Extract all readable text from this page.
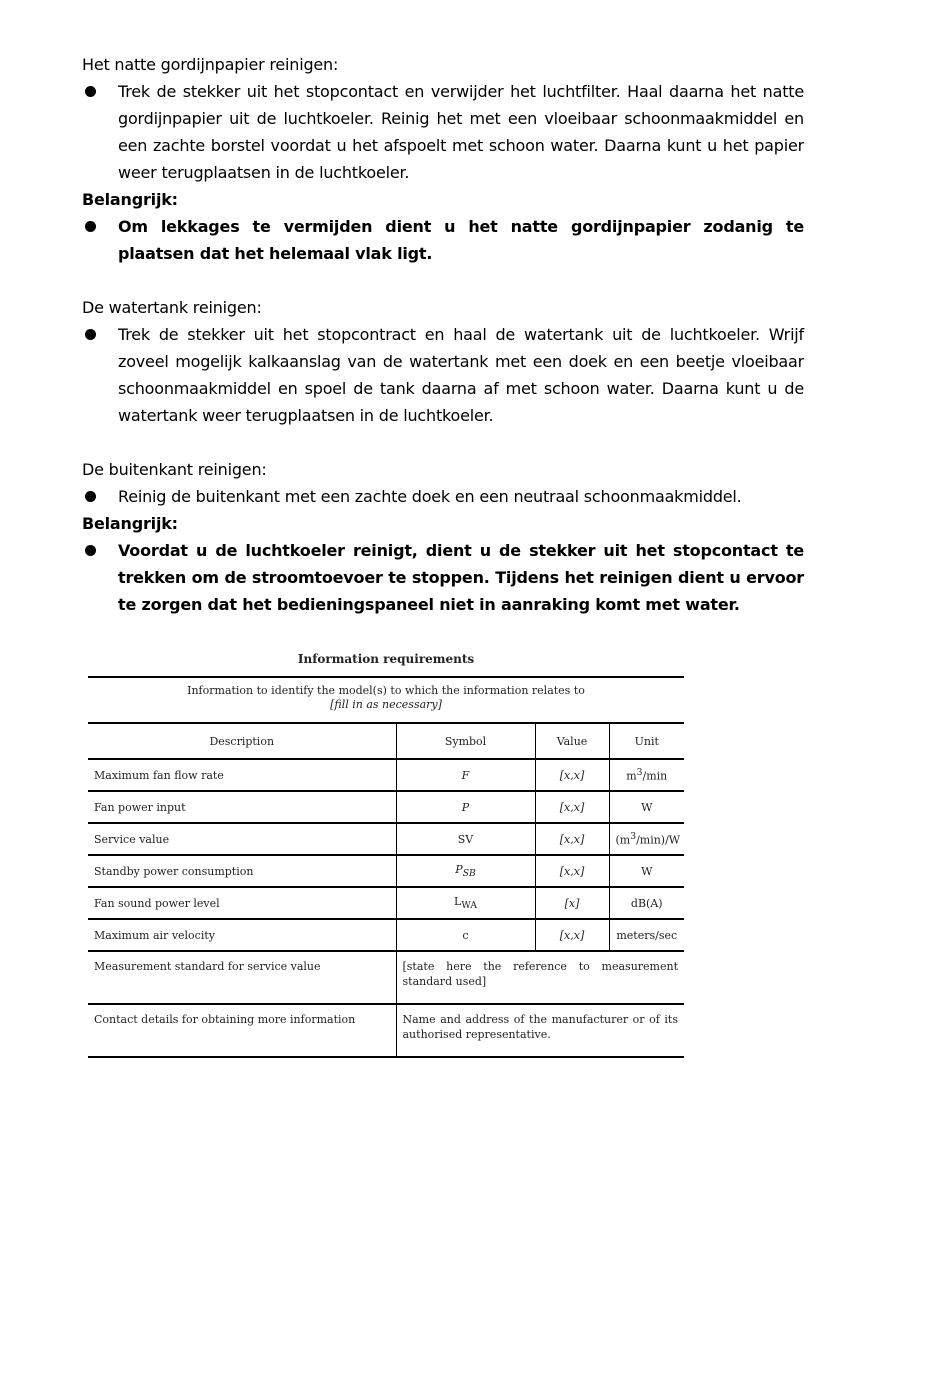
Het natte gordijnpapier reinigen:

Trek de stekker uit het stopcontact en verwijder het luchtfilter. Haal daarna het natte gordijnpapier uit de luchtkoeler. Reinig het met een vloeibaar schoonmaakmiddel en een zachte borstel voordat u het afspoelt met schoon water. Daarna kunt u het papier weer terugplaatsen in de luchtkoeler.

Belangrijk:

Om lekkages te vermijden dient u het natte gordijnpapier zodanig te plaatsen dat het helemaal vlak ligt.

De watertank reinigen:

Trek de stekker uit het stopcontract en haal de watertank uit de luchtkoeler. Wrijf zoveel mogelijk kalkaanslag van de watertank met een doek en een beetje vloeibaar schoonmaakmiddel en spoel de tank daarna af met schoon water. Daarna kunt u de watertank weer terugplaatsen in de luchtkoeler.

De buitenkant reinigen:

Reinig de buitenkant met een zachte doek en een neutraal schoonmaakmiddel.

Belangrijk:

Voordat u de luchtkoeler reinigt, dient u de stekker uit het stopcontact te trekken om de stroomtoevoer te stoppen. Tijdens het reinigen dient u ervoor te zorgen dat het bedieningspaneel niet in aanraking komt met water.

Information requirements
Information to identify the model(s) to which the information relates to
[fill in as necessary]			

Description	Symbol	Value	Unit
Maximum fan flow rate	F	[x,x]	$m^3/\min$
Fan power input	P	[x,x]	W
Service value	SV	[x,x]	$(m^3/\min)/W$
Standby power consumption	$P_{SB}$	[x,x]	W
Fan sound power level	$L_{WA}$	[x]	dB(A)
Maximum air velocity	c	[x,x]	meters/sec
Measurement standard for service value	[state here the reference to measurement standard used]		
Contact details for obtaining more information	Name and address of the manufacturer or of its authorised representative.		
